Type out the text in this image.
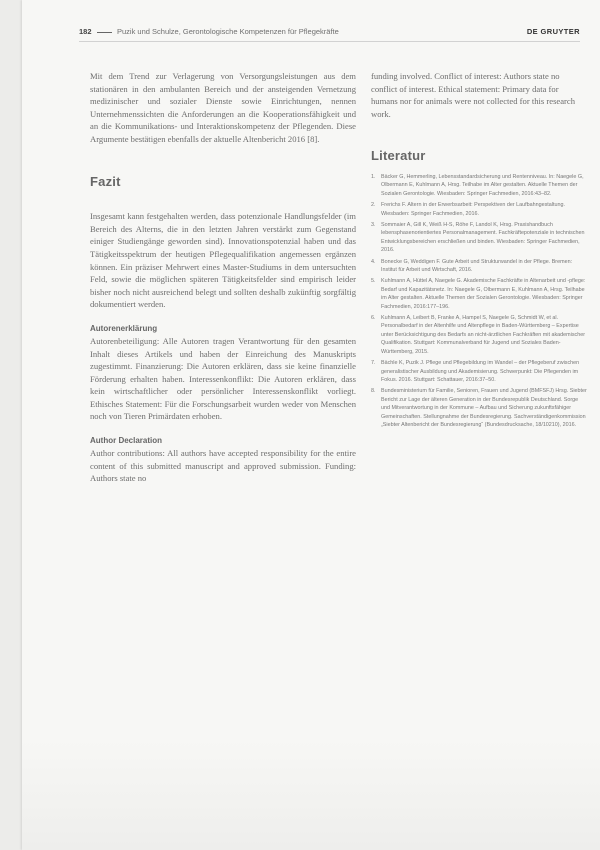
182	Puzik und Schulze, Gerontologische Kompetenzen für Pflegekräfte	DE GRUYTER

Mit dem Trend zur Verlagerung von Versorgungsleistungen aus dem stationären in den ambulanten Bereich und der ansteigenden Vernetzung medizinischer und sozialer Dienste sowie Einrichtungen, nennen Unternehmenssichten die Anforderungen an die Kooperationsfähigkeit und an die Kommunikations- und Interaktionskompetenz der Pflegenden. Diese Argumente bestätigen ebenfalls der aktuelle Altenbericht 2016 [8].

Fazit

Insgesamt kann festgehalten werden, dass potenzionale Handlungsfelder (im Bereich des Alterns, die in den letzten Jahren verstärkt zum Gegenstand einiger Studiengänge geworden sind). Innovationspotenzial haben und das Tätigkeitsspektrum der heutigen Pflegequalifikation angemessen ergänzen können. Ein präziser Mehrwert eines Master-Studiums in dem untersuchten Feld, sowie die möglichen späteren Tätigkeitsfelder sind empirisch leider bisher noch nicht ausreichend belegt und sollten deshalb zukünftig sorgfältig dokumentiert werden.

Autorenerklärung

Autorenbeteiligung: Alle Autoren tragen Verantwortung für den gesamten Inhalt dieses Artikels und haben der Einreichung des Manuskripts zugestimmt. Finanzierung: Die Autoren erklären, dass sie keine finanzielle Förderung erhalten haben. Interessenkonflikt: Die Autoren erklären, dass kein wirtschaftlicher oder persönlicher Interessenskonflikt vorliegt. Ethisches Statement: Für die Forschungsarbeit wurden weder von Menschen noch von Tieren Primärdaten erhoben.

Author Declaration

Author contributions: All authors have accepted responsibility for the entire content of this submitted manuscript and approved submission. Funding: Authors state no

funding involved. Conflict of interest: Authors state no conflict of interest. Ethical statement: Primary data for humans nor for animals were not collected for this research work.

Literatur
1. Bäcker G, Hemmerling, Lebensstandardsicherung und Rentenniveau. In: Naegele G, Olbermann E, Kuhlmann A, Hrsg. Teilhabe im Alter gestalten. Aktuelle Themen der Sozialen Gerontologie. Wiesbaden: Springer Fachmedien, 2016:43–82.
2. Frerichs F. Altern in der Erwerbsarbeit: Perspektiven der Laufbahngestaltung. Wiesbaden: Springer Fachmedien, 2016.
3. Sommaier A, Gill K, Weiß H-S, Röhe F, Landol K, Hrsg. Praxishandbuch lebensphasenorientiertes Personalmanagement. Fachkräftepotenziale in technischen Entwicklungsbereichen erschließen und binden. Wiesbaden: Springer Fachmedien, 2016.
4. Bonecke G, Weddigen F. Gute Arbeit und Strukturwandel in der Pflege. Bremen: Institut für Arbeit und Wirtschaft, 2016.
5. Kuhlmann A, Hüttel A, Naegele G. Akademische Fachkräfte in Altenarbeit und -pflege: Bedarf und Kapazitätsnetz. In: Naegele G, Olbermann E, Kuhlmann A, Hrsg. Teilhabe im Alter gestalten. Aktuelle Themen der Sozialen Gerontologie. Wiesbaden: Springer Fachmedien, 2016:177–196.
6. Kuhlmann A, Leibert B, Franke A, Hampel S, Naegele G, Schmidt W, et al. Personalbedarf in der Altenhilfe und Altenpflege in Baden-Württemberg – Expertise unter Berücksichtigung des Bedarfs an nicht-ärztlichen Fachkräften mit akademischer Qualifikation. Stuttgart: Kommunalverband für Jugend und Soziales Baden-Württemberg, 2015.
7. Bächle K, Puzik J. Pflege und Pflegebildung im Wandel – der Pflegeberuf zwischen generalistischer Ausbildung und Akademisierung. Schwerpunkt: Die Pflegenden im Fokus. 2016. Stuttgart: Schattauer, 2016:37–50.
8. Bundesministerium für Familie, Senioren, Frauen und Jugend (BMFSFJ) Hrsg. Siebter Bericht zur Lage der älteren Generation in der Bundesrepublik Deutschland. Sorge und Mitverantwortung in der Kommune – Aufbau und Sicherung zukunftsfähiger Gemeinschaften. Stellungnahme der Bundesregierung. Sachverständigenkommission „Siebter Altenbericht der Bundesregierung“ (Bundesdrucksache, 18/10210), 2016.
